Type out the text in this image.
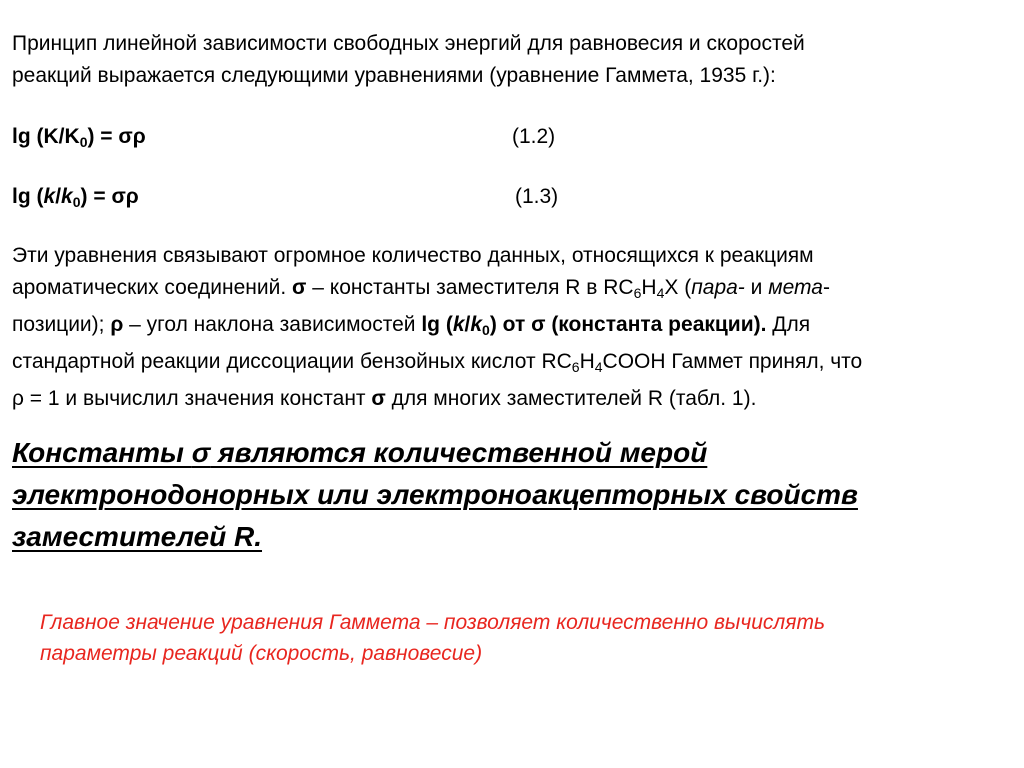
Принцип линейной зависимости свободных энергий для равновесия и скоростей
реакций выражается следующими уравнениями (уравнение Гаммета, 1935 г.):
$\lg (K/K_0) = \sigma\rho$	(1.2)
$\lg (k/k_0) = \sigma\rho$	(1.3)
Эти уравнения связывают огромное количество данных, относящихся к реакциям
ароматических соединений. σ – константы заместителя R в $RC_6H_4X$ (пара- и мета-
позиции); ρ – угол наклона зависимостей $\lg (k/k_0)$ от σ (константа реакции). Для
стандартной реакции диссоциации бензойных кислот $RC_6H_4COOH$ Гаммет принял, что
ρ = 1 и вычислил значения констант σ для многих заместителей R (табл. 1).
Константы σ являются количественной мерой
электронодонорных или электроноакцепторных свойств
заместителей R.
Главное значение уравнения Гаммета – позволяет количественно вычислять
параметры реакций (скорость, равновесие)
